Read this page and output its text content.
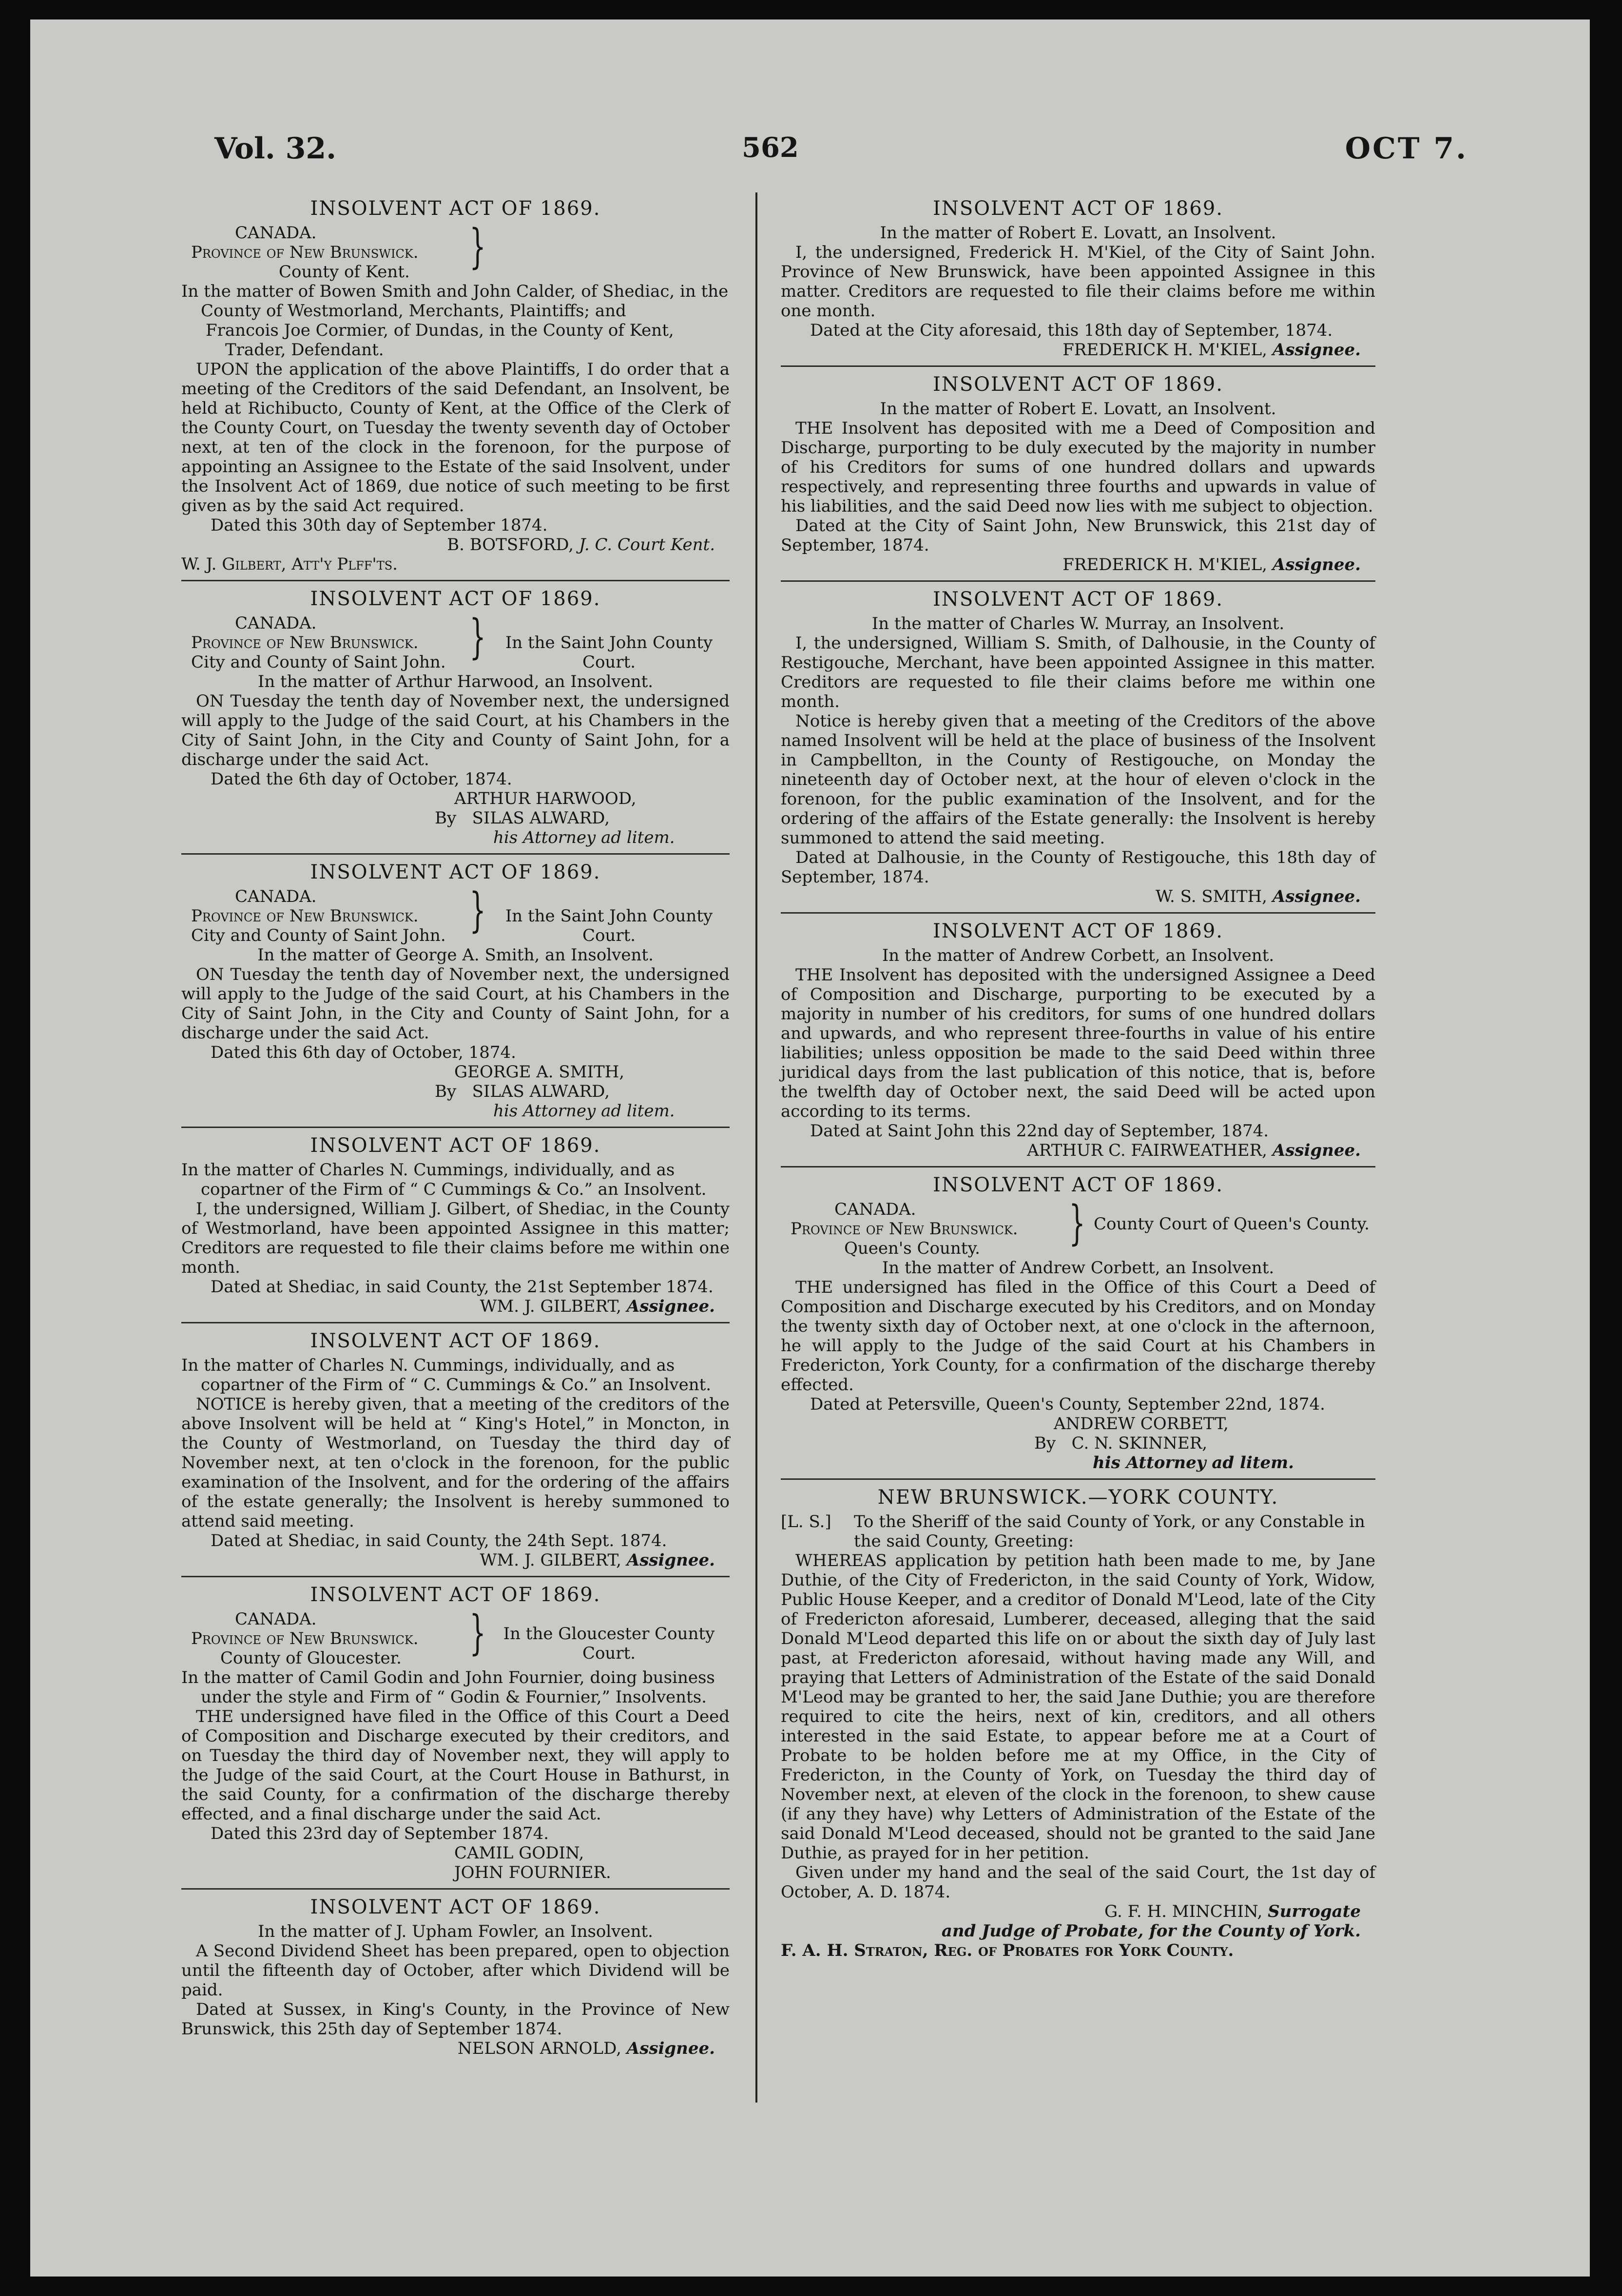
Vol. 32.	562	OCT 7.
INSOLVENT ACT OF 1869.
CANADA.
Province of New Brunswick.
County of Kent.	}
In the matter of Bowen Smith and John Calder, of Shediac, in the County of Westmorland, Merchants, Plaintiffs; and
Francois Joe Cormier, of Dundas, in the County of Kent, Trader, Defendant.
UPON the application of the above Plaintiffs, I do order that a meeting of the Creditors of the said Defendant, an Insolvent, be held at Richibucto, County of Kent, at the Office of the Clerk of the County Court, on Tuesday the twenty seventh day of October next, at ten of the clock in the forenoon, for the purpose of appointing an Assignee to the Estate of the said Insolvent, under the Insolvent Act of 1869, due notice of such meeting to be first given as by the said Act required.
Dated this 30th day of September 1874.
B. BOTSFORD, J. C. Court Kent.
W. J. Gilbert, Att'y Plff'ts.
INSOLVENT ACT OF 1869.
CANADA.
Province of New Brunswick.
City and County of Saint John. }	In the Saint John County Court.
In the matter of Arthur Harwood, an Insolvent.
ON Tuesday the tenth day of November next, the undersigned will apply to the Judge of the said Court, at his Chambers in the City of Saint John, in the City and County of Saint John, for a discharge under the said Act.
Dated the 6th day of October, 1874.
ARTHUR HARWOOD,
By SILAS ALWARD,
his Attorney ad litem.
INSOLVENT ACT OF 1869.
CANADA.
Province of New Brunswick.
City and County of Saint John. }	In the Saint John County Court.
In the matter of George A. Smith, an Insolvent.
ON Tuesday the tenth day of November next, the undersigned will apply to the Judge of the said Court, at his Chambers in the City of Saint John, in the City and County of Saint John, for a discharge under the said Act.
Dated this 6th day of October, 1874.
GEORGE A. SMITH,
By SILAS ALWARD,
his Attorney ad litem.
INSOLVENT ACT OF 1869.
In the matter of Charles N. Cummings, individually, and as copartner of the Firm of “ C Cummings & Co.” an Insolvent.
I, the undersigned, William J. Gilbert, of Shediac, in the County of Westmorland, have been appointed Assignee in this matter; Creditors are requested to file their claims before me within one month.
Dated at Shediac, in said County, the 21st September 1874.
WM. J. GILBERT, Assignee.
INSOLVENT ACT OF 1869.
In the matter of Charles N. Cummings, individually, and as copartner of the Firm of “ C. Cummings & Co.” an Insolvent.
NOTICE is hereby given, that a meeting of the creditors of the above Insolvent will be held at “ King's Hotel,” in Moncton, in the County of Westmorland, on Tuesday the third day of November next, at ten o'clock in the forenoon, for the public examination of the Insolvent, and for the ordering of the affairs of the estate generally; the Insolvent is hereby summoned to attend said meeting.
Dated at Shediac, in said County, the 24th Sept. 1874.
WM. J. GILBERT, Assignee.
INSOLVENT ACT OF 1869.
CANADA.
Province of New Brunswick.
County of Gloucester.	}	In the Gloucester County Court.
In the matter of Camil Godin and John Fournier, doing business under the style and Firm of “ Godin & Fournier,” Insolvents.
THE undersigned have filed in the Office of this Court a Deed of Composition and Discharge executed by their creditors, and on Tuesday the third day of November next, they will apply to the Judge of the said Court, at the Court House in Bathurst, in the said County, for a confirmation of the discharge thereby effected, and a final discharge under the said Act.
Dated this 23rd day of September 1874.
CAMIL GODIN,
JOHN FOURNIER.
INSOLVENT ACT OF 1869.
In the matter of J. Upham Fowler, an Insolvent.
A Second Dividend Sheet has been prepared, open to objection until the fifteenth day of October, after which Dividend will be paid.
Dated at Sussex, in King's County, in the Province of New Brunswick, this 25th day of September 1874.
NELSON ARNOLD, Assignee.
INSOLVENT ACT OF 1869.
In the matter of Robert E. Lovatt, an Insolvent.
I, the undersigned, Frederick H. M'Kiel, of the City of Saint John. Province of New Brunswick, have been appointed Assignee in this matter. Creditors are requested to file their claims before me within one month.
Dated at the City aforesaid, this 18th day of September, 1874.
FREDERICK H. M'KIEL, Assignee.
INSOLVENT ACT OF 1869.
In the matter of Robert E. Lovatt, an Insolvent.
THE Insolvent has deposited with me a Deed of Composition and Discharge, purporting to be duly executed by the majority in number of his Creditors for sums of one hundred dollars and upwards respectively, and representing three fourths and upwards in value of his liabilities, and the said Deed now lies with me subject to objection.
Dated at the City of Saint John, New Brunswick, this 21st day of September, 1874.
FREDERICK H. M'KIEL, Assignee.
INSOLVENT ACT OF 1869.
In the matter of Charles W. Murray, an Insolvent.
I, the undersigned, William S. Smith, of Dalhousie, in the County of Restigouche, Merchant, have been appointed Assignee in this matter. Creditors are requested to file their claims before me within one month.
Notice is hereby given that a meeting of the Creditors of the above named Insolvent will be held at the place of business of the Insolvent in Campbellton, in the County of Restigouche, on Monday the nineteenth day of October next, at the hour of eleven o'clock in the forenoon, for the public examination of the Insolvent, and for the ordering of the affairs of the Estate generally: the Insolvent is hereby summoned to attend the said meeting.
Dated at Dalhousie, in the County of Restigouche, this 18th day of September, 1874.
W. S. SMITH, Assignee.
INSOLVENT ACT OF 1869.
In the matter of Andrew Corbett, an Insolvent.
THE Insolvent has deposited with the undersigned Assignee a Deed of Composition and Discharge, purporting to be executed by a majority in number of his creditors, for sums of one hundred dollars and upwards, and who represent three-fourths in value of his entire liabilities; unless opposition be made to the said Deed within three juridical days from the last publication of this notice, that is, before the twelfth day of October next, the said Deed will be acted upon according to its terms.
Dated at Saint John this 22nd day of September, 1874.
ARTHUR C. FAIRWEATHER, Assignee.
INSOLVENT ACT OF 1869.
CANADA.
Province of New Brunswick.
Queen's County.	} County Court of Queen's County.
In the matter of Andrew Corbett, an Insolvent.
THE undersigned has filed in the Office of this Court a Deed of Composition and Discharge executed by his Creditors, and on Monday the twenty sixth day of October next, at one o'clock in the afternoon, he will apply to the Judge of the said Court at his Chambers in Fredericton, York County, for a confirmation of the discharge thereby effected.
Dated at Petersville, Queen's County, September 22nd, 1874.
ANDREW CORBETT,
By C. N. SKINNER,
his Attorney ad litem.
NEW BRUNSWICK.—YORK COUNTY.
[L. S.]	To the Sheriff of the said County of York, or any Constable in the said County, Greeting:
WHEREAS application by petition hath been made to me, by Jane Duthie, of the City of Fredericton, in the said County of York, Widow, Public House Keeper, and a creditor of Donald M'Leod, late of the City of Fredericton aforesaid, Lumberer, deceased, alleging that the said Donald M'Leod departed this life on or about the sixth day of July last past, at Fredericton aforesaid, without having made any Will, and praying that Letters of Administration of the Estate of the said Donald M'Leod may be granted to her, the said Jane Duthie; you are therefore required to cite the heirs, next of kin, creditors, and all others interested in the said Estate, to appear before me at a Court of Probate to be holden before me at my Office, in the City of Fredericton, in the County of York, on Tuesday the third day of November next, at eleven of the clock in the forenoon, to shew cause (if any they have) why Letters of Administration of the Estate of the said Donald M'Leod deceased, should not be granted to the said Jane Duthie, as prayed for in her petition.
Given under my hand and the seal of the said Court, the 1st day of October, A. D. 1874.
G. F. H. MINCHIN, Surrogate
and Judge of Probate, for the County of York.
F. A. H. Straton, Reg. of Probates for York County.
